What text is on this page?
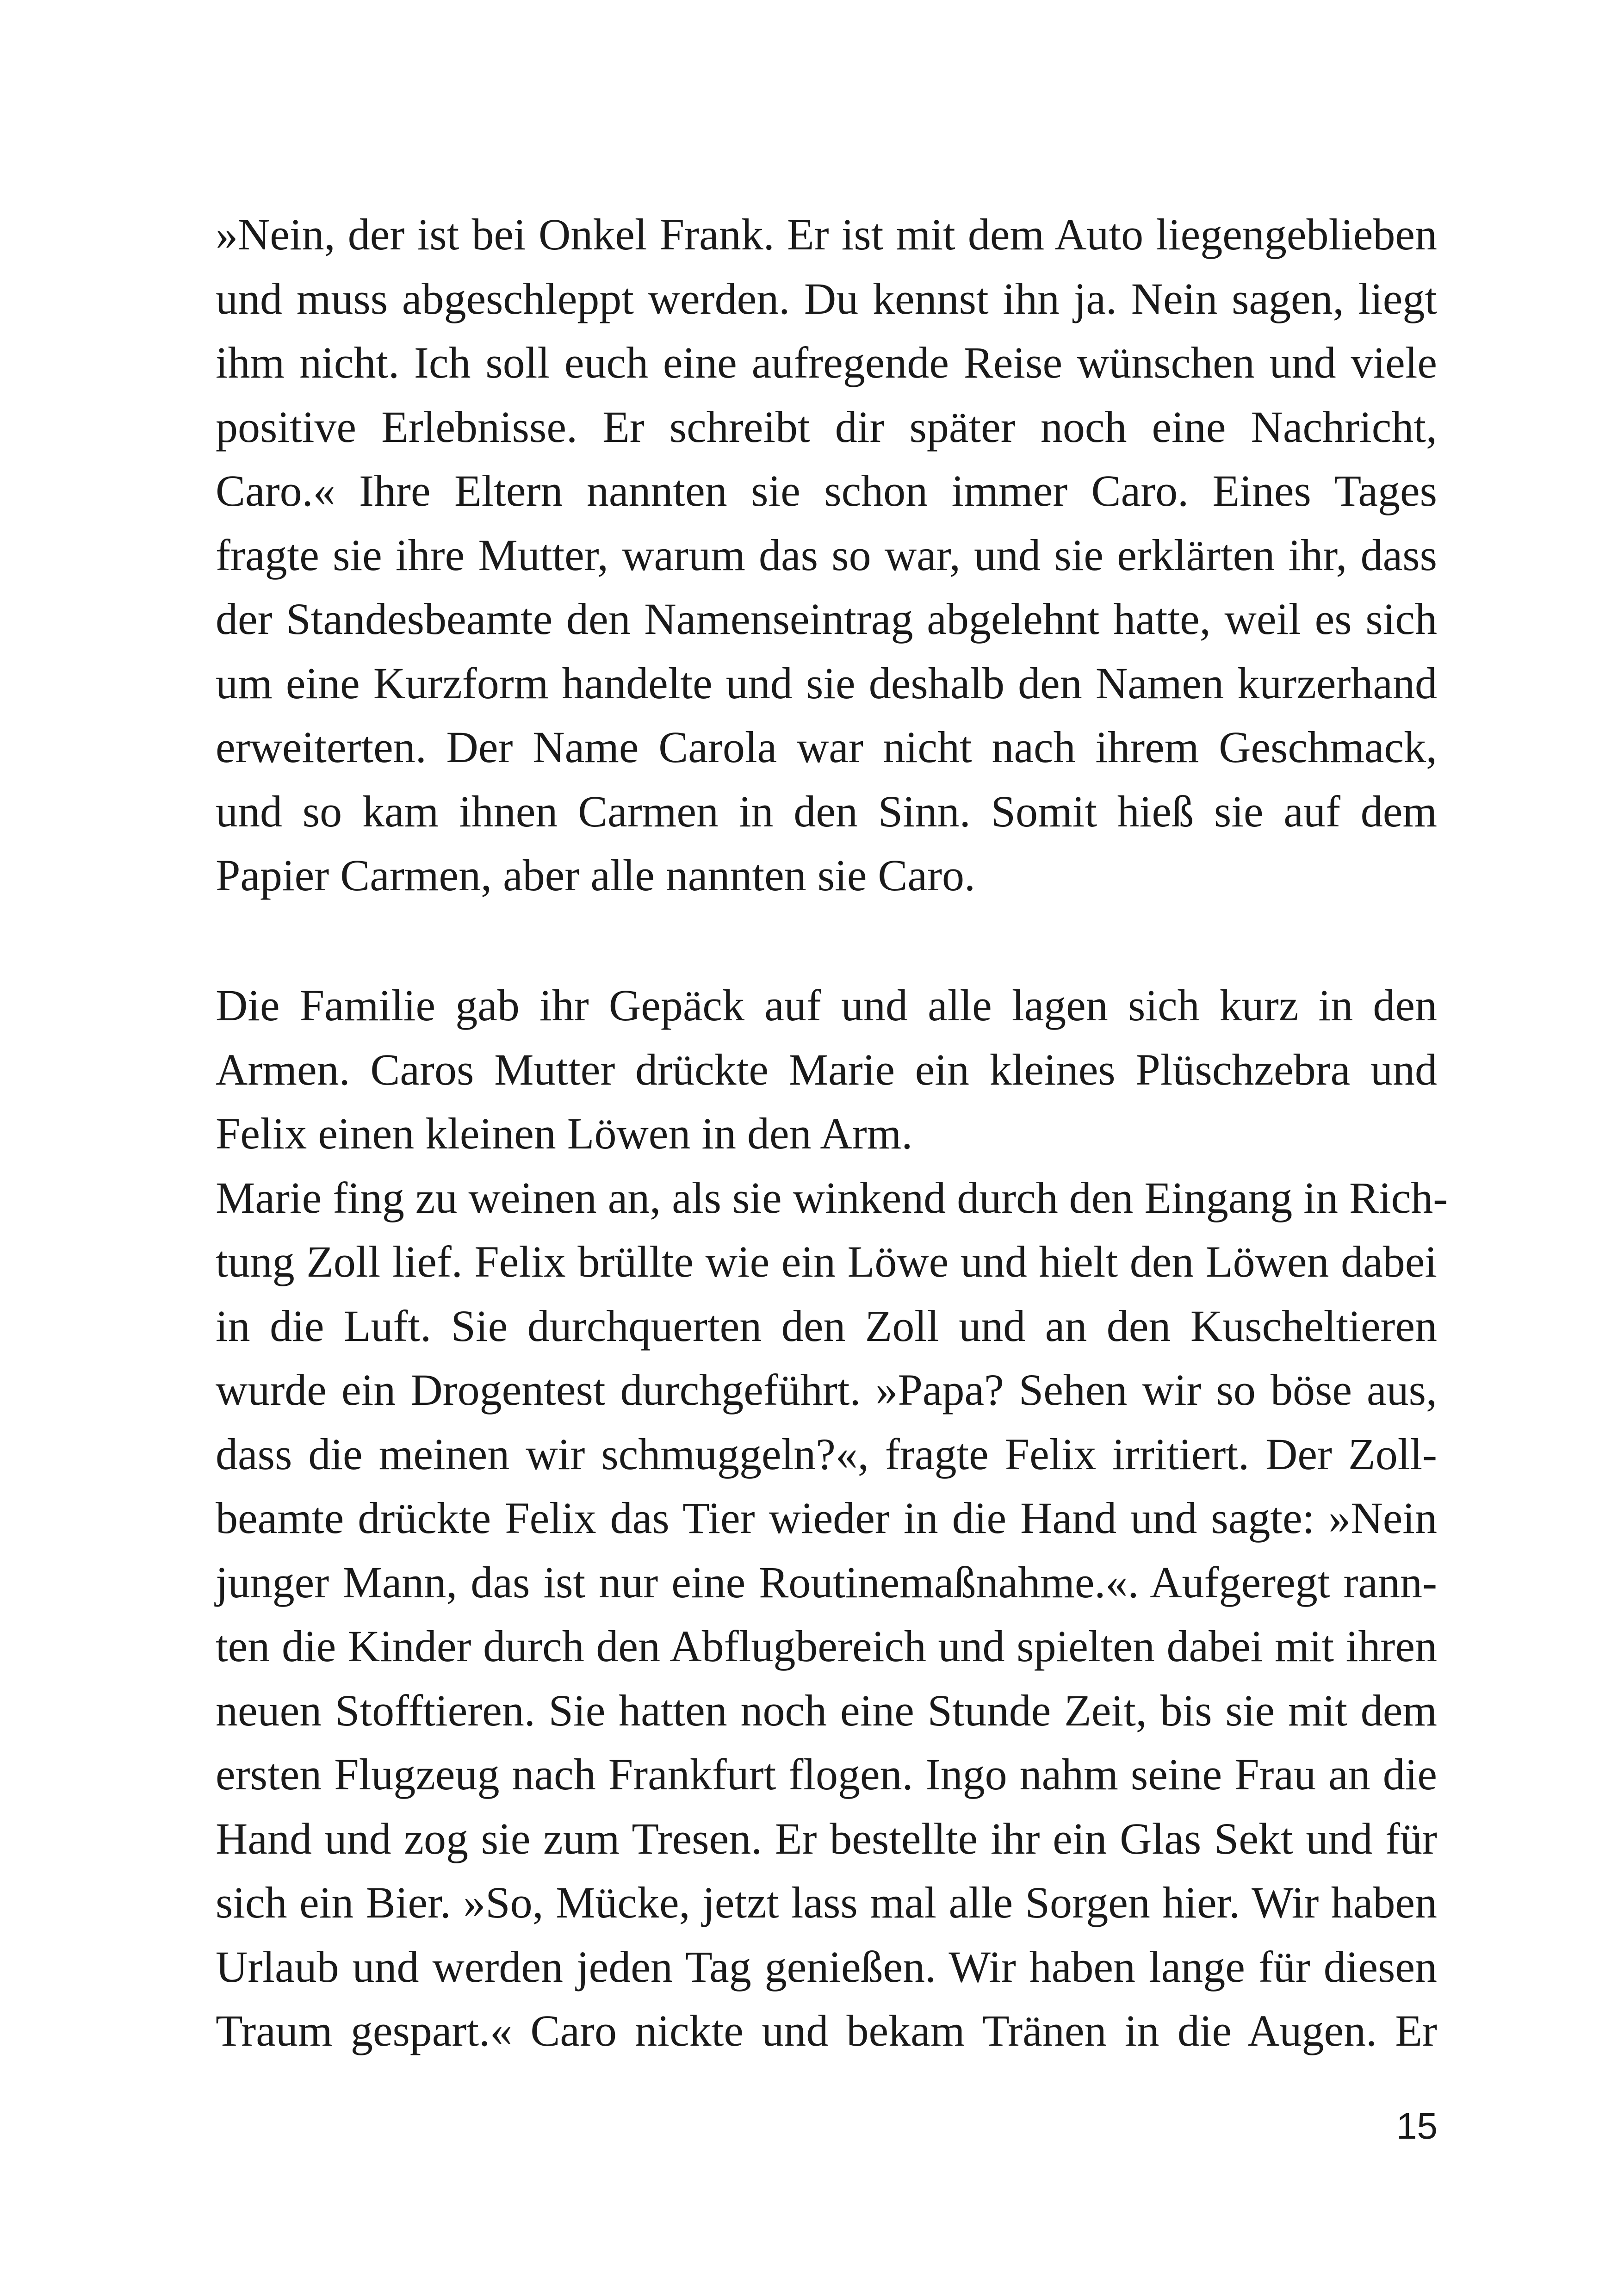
»Nein, der ist bei Onkel Frank. Er ist mit dem Auto liegengeblieben
und muss abgeschleppt werden. Du kennst ihn ja. Nein sagen, liegt
ihm nicht. Ich soll euch eine aufregende Reise wünschen und viele
positive Erlebnisse. Er schreibt dir später noch eine Nachricht,
Caro.« Ihre Eltern nannten sie schon immer Caro. Eines Tages
fragte sie ihre Mutter, warum das so war, und sie erklärten ihr, dass
der Standesbeamte den Namenseintrag abgelehnt hatte, weil es sich
um eine Kurzform handelte und sie deshalb den Namen kurzerhand
erweiterten. Der Name Carola war nicht nach ihrem Geschmack,
und so kam ihnen Carmen in den Sinn. Somit hieß sie auf dem
Papier Carmen, aber alle nannten sie Caro.
Die Familie gab ihr Gepäck auf und alle lagen sich kurz in den
Armen. Caros Mutter drückte Marie ein kleines Plüschzebra und
Felix einen kleinen Löwen in den Arm.
Marie fing zu weinen an, als sie winkend durch den Eingang in Rich-
tung Zoll lief. Felix brüllte wie ein Löwe und hielt den Löwen dabei
in die Luft. Sie durchquerten den Zoll und an den Kuscheltieren
wurde ein Drogentest durchgeführt. »Papa? Sehen wir so böse aus,
dass die meinen wir schmuggeln?«, fragte Felix irritiert. Der Zoll-
beamte drückte Felix das Tier wieder in die Hand und sagte: »Nein
junger Mann, das ist nur eine Routinemaßnahme.«. Aufgeregt rann-
ten die Kinder durch den Abflugbereich und spielten dabei mit ihren
neuen Stofftieren. Sie hatten noch eine Stunde Zeit, bis sie mit dem
ersten Flugzeug nach Frankfurt flogen. Ingo nahm seine Frau an die
Hand und zog sie zum Tresen. Er bestellte ihr ein Glas Sekt und für
sich ein Bier. »So, Mücke, jetzt lass mal alle Sorgen hier. Wir haben
Urlaub und werden jeden Tag genießen. Wir haben lange für diesen
Traum gespart.« Caro nickte und bekam Tränen in die Augen. Er
15
